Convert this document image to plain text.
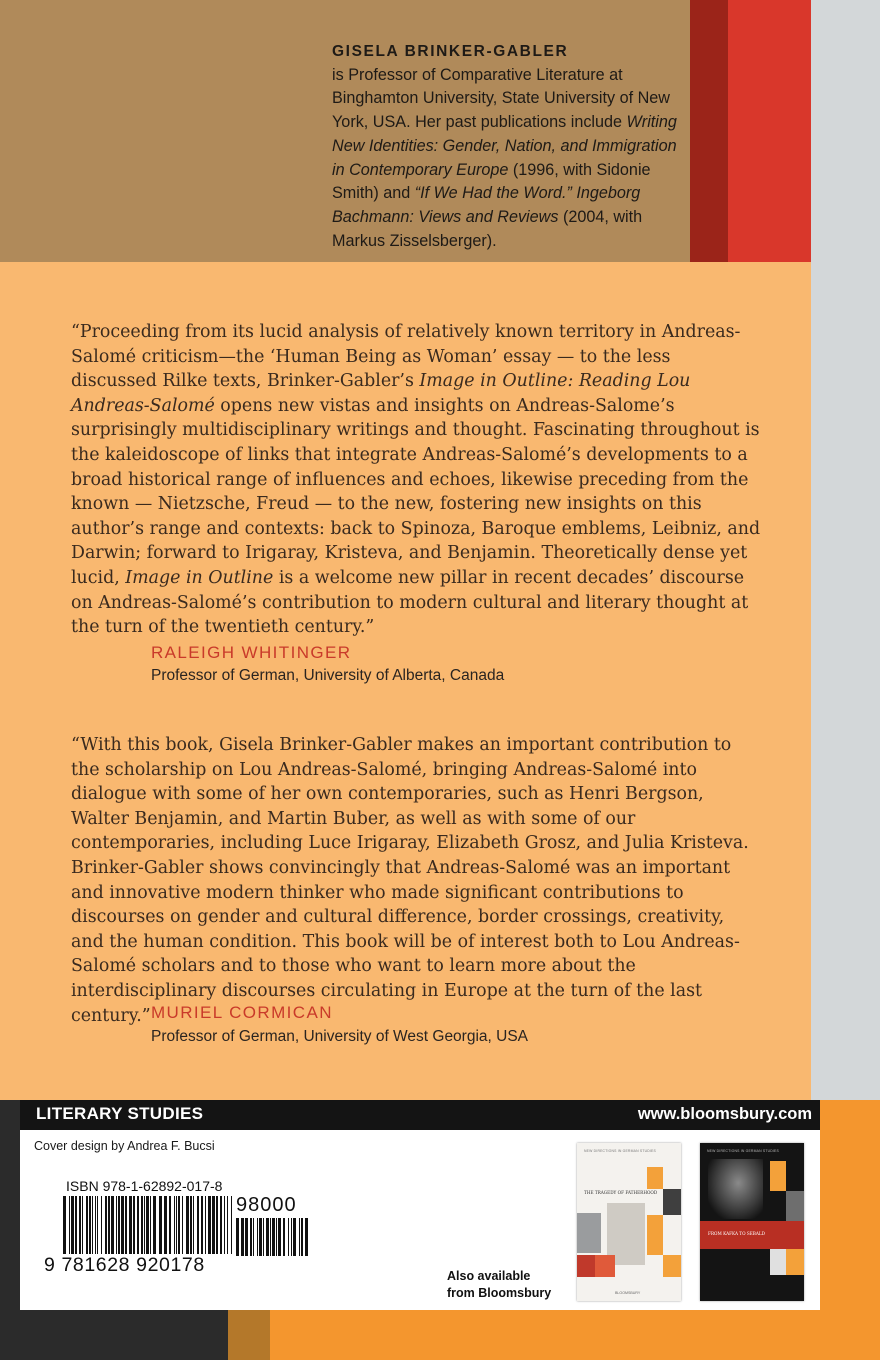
GISELA BRINKER-GABLER
is Professor of Comparative Literature at Binghamton University, State University of New York, USA. Her past publications include Writing New Identities: Gender, Nation, and Immigration in Contemporary Europe (1996, with Sidonie Smith) and “If We Had the Word.” Ingeborg Bachmann: Views and Reviews (2004, with Markus Zisselsberger).

“Proceeding from its lucid analysis of relatively known territory in Andreas-Salomé criticism—the ‘Human Being as Woman’ essay — to the less discussed Rilke texts, Brinker-Gabler’s Image in Outline: Reading Lou Andreas-Salomé opens new vistas and insights on Andreas-Salome’s surprisingly multidisciplinary writings and thought. Fascinating throughout is the kaleidoscope of links that integrate Andreas-Salomé’s developments to a broad historical range of influences and echoes, likewise preceding from the known — Nietzsche, Freud — to the new, fostering new insights on this author’s range and contexts: back to Spinoza, Baroque emblems, Leibniz, and Darwin; forward to Irigaray, Kristeva, and Benjamin. Theoretically dense yet lucid, Image in Outline is a welcome new pillar in recent decades’ discourse on Andreas-Salomé’s contribution to modern cultural and literary thought at the turn of the twentieth century.”

RALEIGH WHITINGER
Professor of German, University of Alberta, Canada

“With this book, Gisela Brinker-Gabler makes an important contribution to the scholarship on Lou Andreas-Salomé, bringing Andreas-Salomé into dialogue with some of her own contemporaries, such as Henri Bergson, Walter Benjamin, and Martin Buber, as well as with some of our contemporaries, including Luce Irigaray, Elizabeth Grosz, and Julia Kristeva. Brinker-Gabler shows convincingly that Andreas-Salomé was an important and innovative modern thinker who made significant contributions to discourses on gender and cultural difference, border crossings, creativity, and the human condition. This book will be of interest both to Lou Andreas-Salomé scholars and to those who want to learn more about the interdisciplinary discourses circulating in Europe at the turn of the last century.” MURIEL CORMICAN
Professor of German, University of West Georgia, USA
LITERARY STUDIES	www.bloomsbury.com
Cover design by Andrea F. Bucsi
ISBN 978-1-62892-017-8
98000
9 781628 920178	Also available
from Bloomsbury
NEW DIRECTIONS IN GERMAN STUDIES
THE TRAGEDY OF FATHERHOOD
BLOOMSBURY
NEW DIRECTIONS IN GERMAN STUDIES
FROM KAFKA TO SEBALD
